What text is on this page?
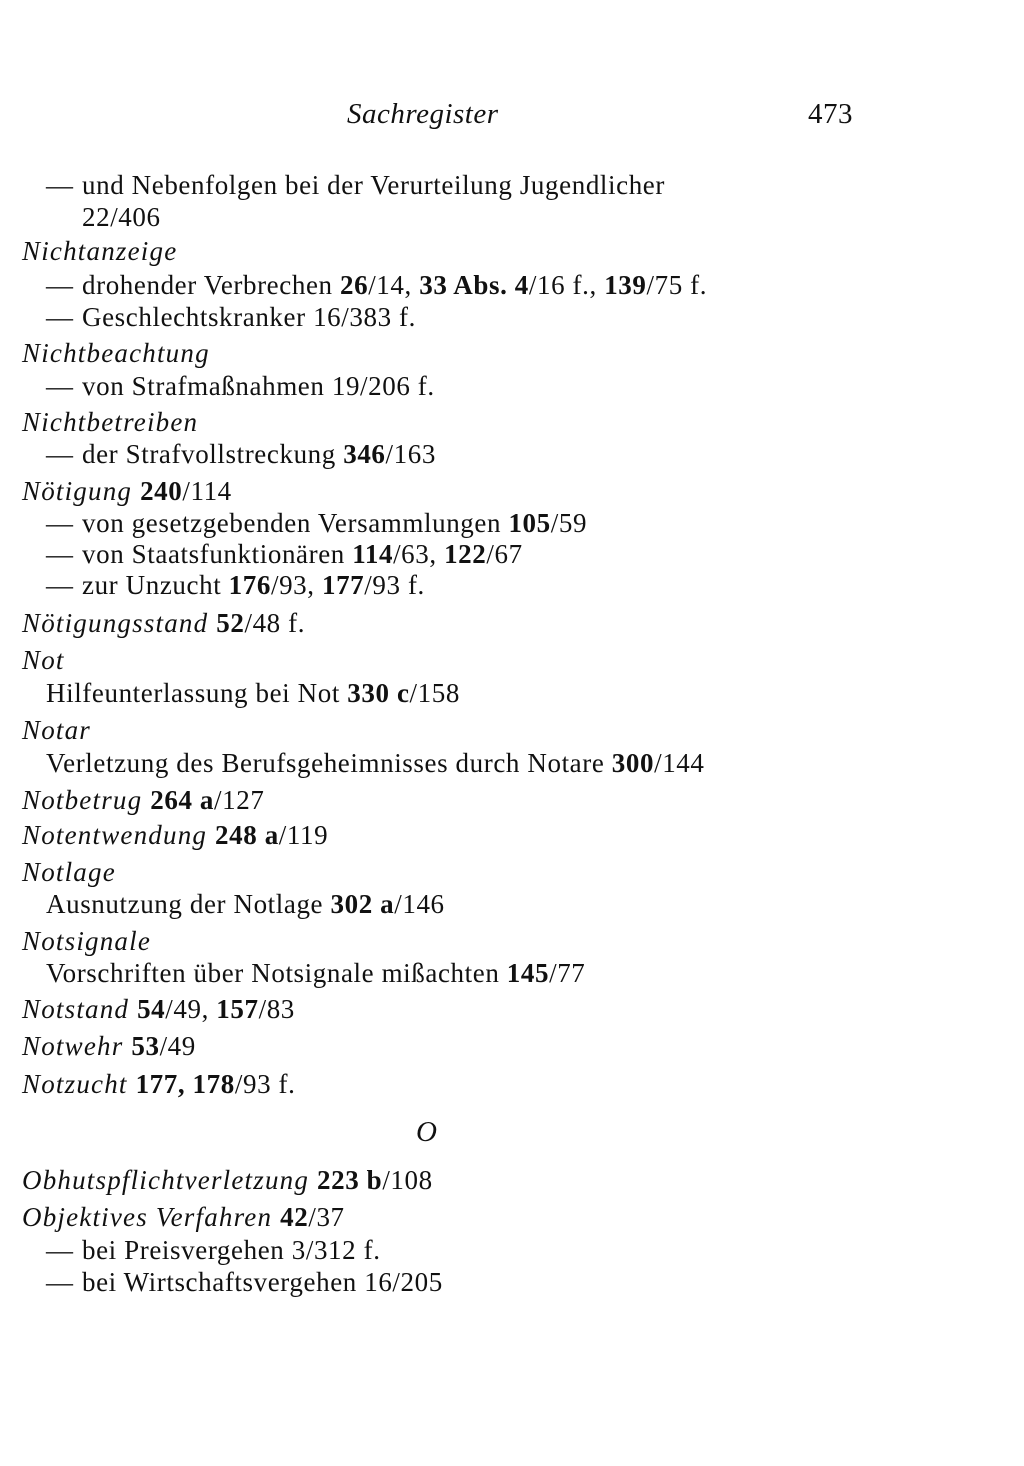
Sachregister	473
— und Nebenfolgen bei der Verurteilung Jugendlicher
22/406
Nichtanzeige
— drohender Verbrechen 26/14, 33 Abs. 4/16 f., 139/75 f.
— Geschlechtskranker 16/383 f.
Nichtbeachtung
— von Strafmaßnahmen 19/206 f.
Nichtbetreiben
— der Strafvollstreckung 346/163
Nötigung 240/114
— von gesetzgebenden Versammlungen 105/59
— von Staatsfunktionären 114/63, 122/67
— zur Unzucht 176/93, 177/93 f.
Nötigungsstand 52/48 f.
Not
Hilfeunterlassung bei Not 330 c/158
Notar
Verletzung des Berufsgeheimnisses durch Notare 300/144
Notbetrug 264 a/127
Notentwendung 248 a/119
Notlage
Ausnutzung der Notlage 302 a/146
Notsignale
Vorschriften über Notsignale mißachten 145/77
Notstand 54/49, 157/83
Notwehr 53/49
Notzucht 177, 178/93 f.
O
Obhutspflichtverletzung 223 b/108
Objektives Verfahren 42/37
— bei Preisvergehen 3/312 f.
— bei Wirtschaftsvergehen 16/205
